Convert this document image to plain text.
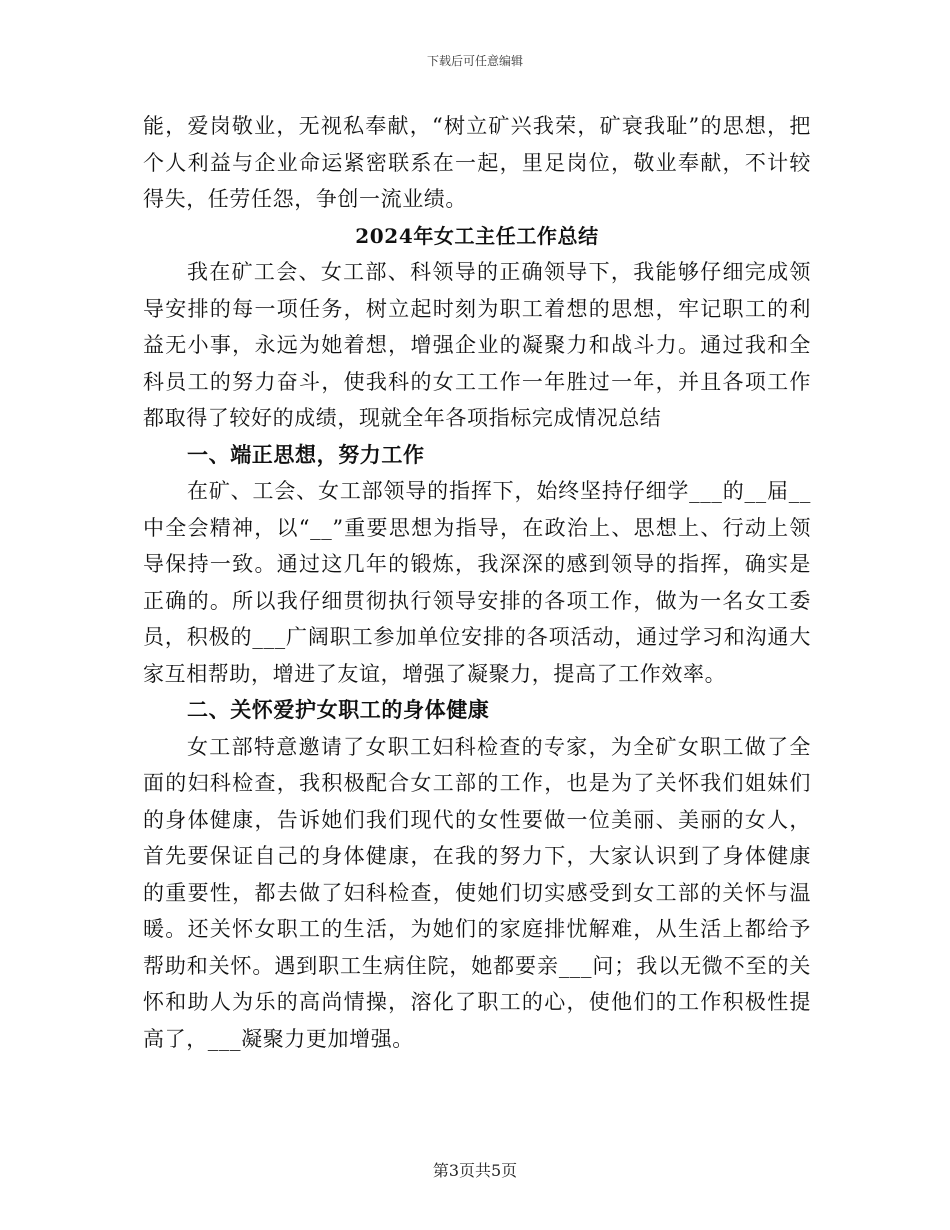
下载后可任意编辑

能，爱岗敬业，无视私奉献，“树立矿兴我荣，矿衰我耻”的思想，把个人利益与企业命运紧密联系在一起，里足岗位，敬业奉献，不计较得失，任劳任怨，争创一流业绩。

2024年女工主任工作总结

我在矿工会、女工部、科领导的正确领导下，我能够仔细完成领导安排的每一项任务，树立起时刻为职工着想的思想，牢记职工的利益无小事，永远为她着想，增强企业的凝聚力和战斗力。通过我和全科员工的努力奋斗，使我科的女工工作一年胜过一年，并且各项工作都取得了较好的成绩，现就全年各项指标完成情况总结

一、端正思想，努力工作

在矿、工会、女工部领导的指挥下，始终坚持仔细学___的__届__中全会精神，以“__”重要思想为指导，在政治上、思想上、行动上领导保持一致。通过这几年的锻炼，我深深的感到领导的指挥，确实是正确的。所以我仔细贯彻执行领导安排的各项工作，做为一名女工委员，积极的___广阔职工参加单位安排的各项活动，通过学习和沟通大家互相帮助，增进了友谊，增强了凝聚力，提高了工作效率。

二、关怀爱护女职工的身体健康

女工部特意邀请了女职工妇科检查的专家，为全矿女职工做了全面的妇科检查，我积极配合女工部的工作，也是为了关怀我们姐妹们的身体健康，告诉她们我们现代的女性要做一位美丽、美丽的女人，首先要保证自己的身体健康，在我的努力下，大家认识到了身体健康的重要性，都去做了妇科检查，使她们切实感受到女工部的关怀与温暖。还关怀女职工的生活，为她们的家庭排忧解难，从生活上都给予帮助和关怀。遇到职工生病住院，她都要亲___问；我以无微不至的关怀和助人为乐的高尚情操，溶化了职工的心，使他们的工作积极性提高了，___凝聚力更加增强。

第3页共5页
